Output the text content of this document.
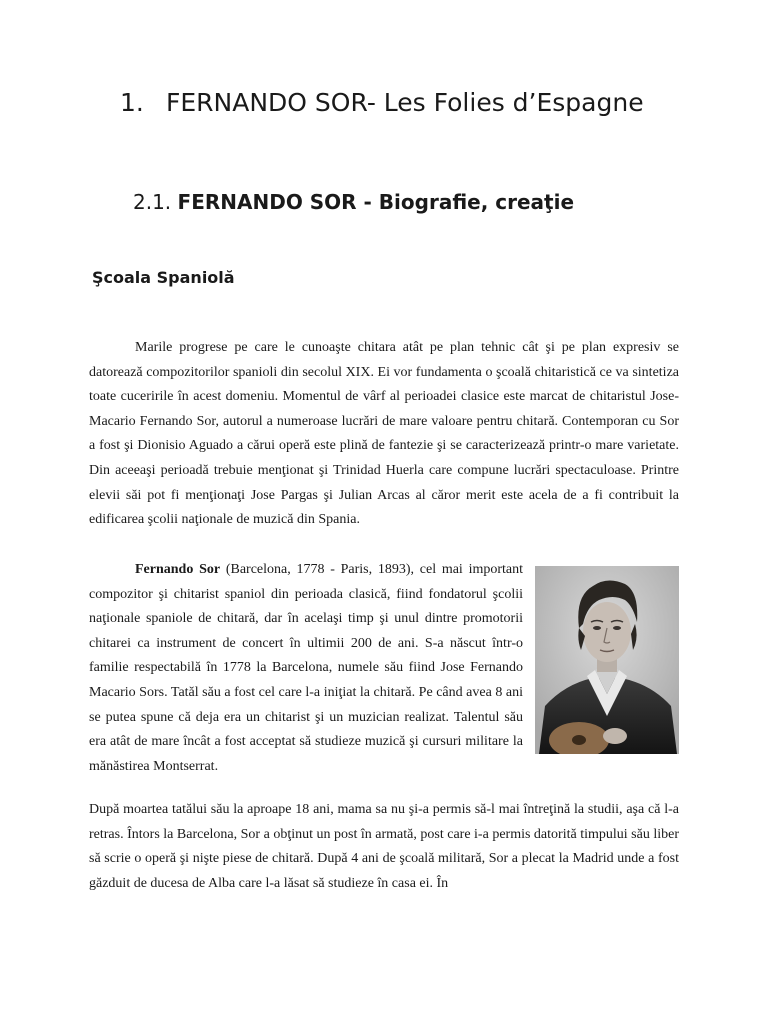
1. FERNANDO SOR- Les Folies d’Espagne
2.1. FERNANDO SOR - Biografie, creaţie
Şcoala Spaniolă

Marile progrese pe care le cunoaşte chitara atât pe plan tehnic cât şi pe plan expresiv se datorează compozitorilor spanioli din secolul XIX. Ei vor fundamenta o şcoală chitaristică ce va sintetiza toate cuceririle în acest domeniu. Momentul de vârf al perioadei clasice este marcat de chitaristul Jose-Macario Fernando Sor, autorul a numeroase lucrări de mare valoare pentru chitară. Contemporan cu Sor a fost şi Dionisio Aguado a cărui operă este plină de fantezie şi se caracterizează printr-o mare varietate. Din aceeaşi perioadă trebuie menţionat şi Trinidad Huerla care compune lucrări spectaculoase. Printre elevii săi pot fi menţionaţi Jose Pargas şi Julian Arcas al căror merit este acela de a fi contribuit la edificarea şcolii naţionale de muzică din Spania.

Fernando Sor (Barcelona, 1778 - Paris, 1893), cel mai important compozitor şi chitarist spaniol din perioada clasică, fiind fondatorul şcolii naţionale spaniole de chitară, dar în acelaşi timp şi unul dintre promotorii chitarei ca instrument de concert în ultimii 200 de ani. S-a născut într-o familie respectabilă în 1778 la Barcelona, numele său fiind Jose Fernando Macario Sors. Tatăl său a fost cel care l-a iniţiat la chitară. Pe când avea 8 ani se putea spune că deja era un chitarist şi un muzician realizat. Talentul său era atât de mare încât a fost acceptat să studieze muzică şi cursuri militare la mănăstirea Montserrat.

După moartea tatălui său la aproape 18 ani, mama sa nu şi-a permis să-l mai întreţină la studii, aşa că l-a retras. Întors la Barcelona, Sor a obţinut un post în armată, post care i-a permis datorită timpului său liber să scrie o operă şi nişte piese de chitară. După 4 ani de şcoală militară, Sor a plecat la Madrid unde a fost găzduit de ducesa de Alba care l-a lăsat să studieze în casa ei. În
